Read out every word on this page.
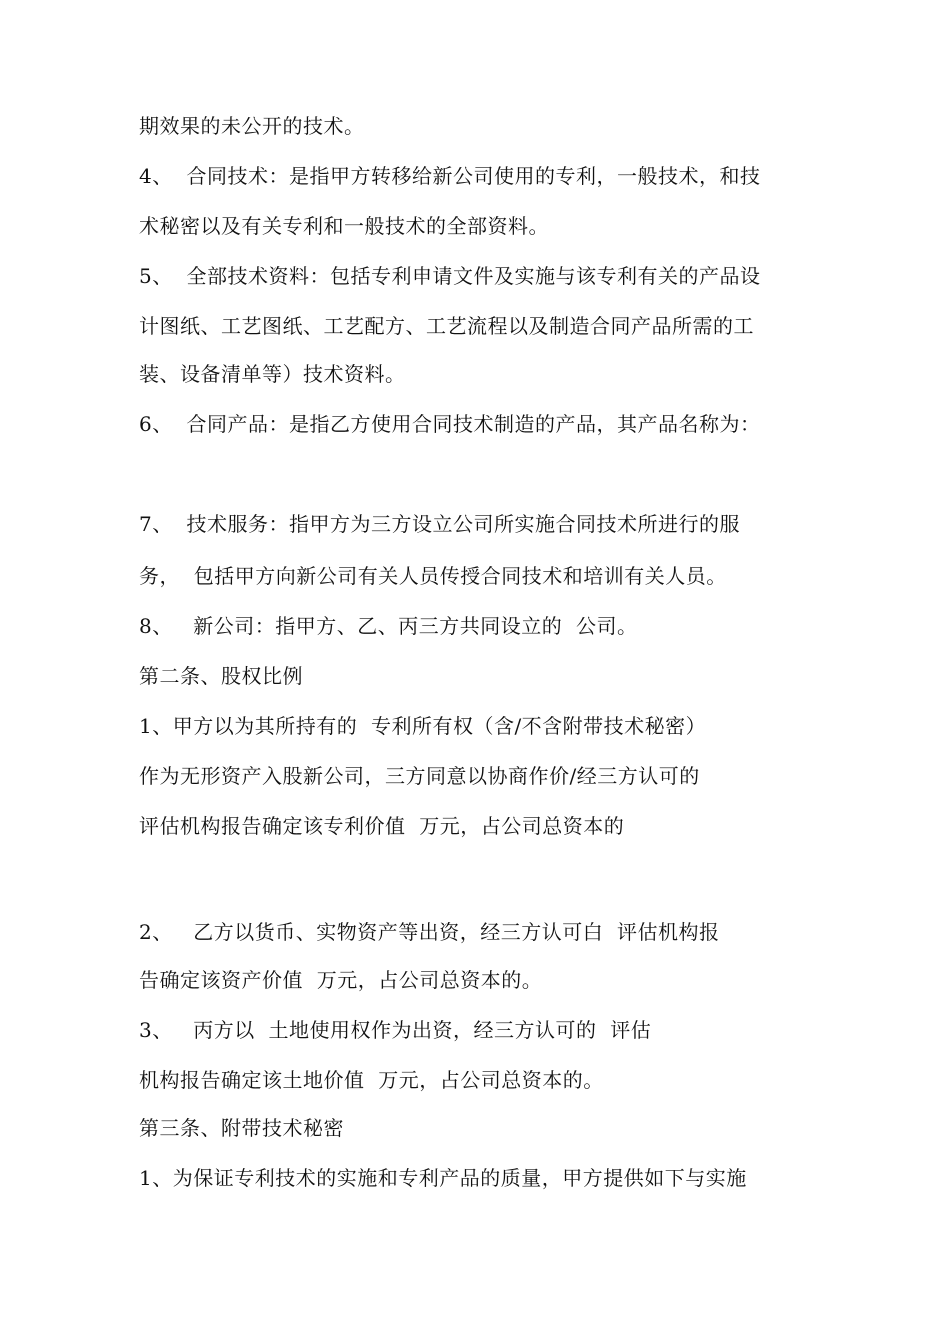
期效果的未公开的技术。
4、  合同技术：是指甲方转移给新公司使用的专利，一般技术，和技
术秘密以及有关专利和一般技术的全部资料。
5、  全部技术资料：包括专利申请文件及实施与该专利有关的产品设
计图纸、工艺图纸、工艺配方、工艺流程以及制造合同产品所需的工
装、设备清单等）技术资料。
6、  合同产品：是指乙方使用合同技术制造的产品，其产品名称为：
7、  技术服务：指甲方为三方设立公司所实施合同技术所进行的服
务，  包括甲方向新公司有关人员传授合同技术和培训有关人员。
8、   新公司：指甲方、乙、丙三方共同设立的  公司。
第二条、股权比例
1、甲方以为其所持有的  专利所有权（含/不含附带技术秘密）
作为无形资产入股新公司，三方同意以协商作价/经三方认可的
评估机构报告确定该专利价值  万元，占公司总资本的
2、   乙方以货币、实物资产等出资，经三方认可白  评估机构报
告确定该资产价值  万元，占公司总资本的。
3、   丙方以  土地使用权作为出资，经三方认可的  评估
机构报告确定该土地价值  万元，占公司总资本的。
第三条、附带技术秘密
1、为保证专利技术的实施和专利产品的质量，甲方提供如下与实施
